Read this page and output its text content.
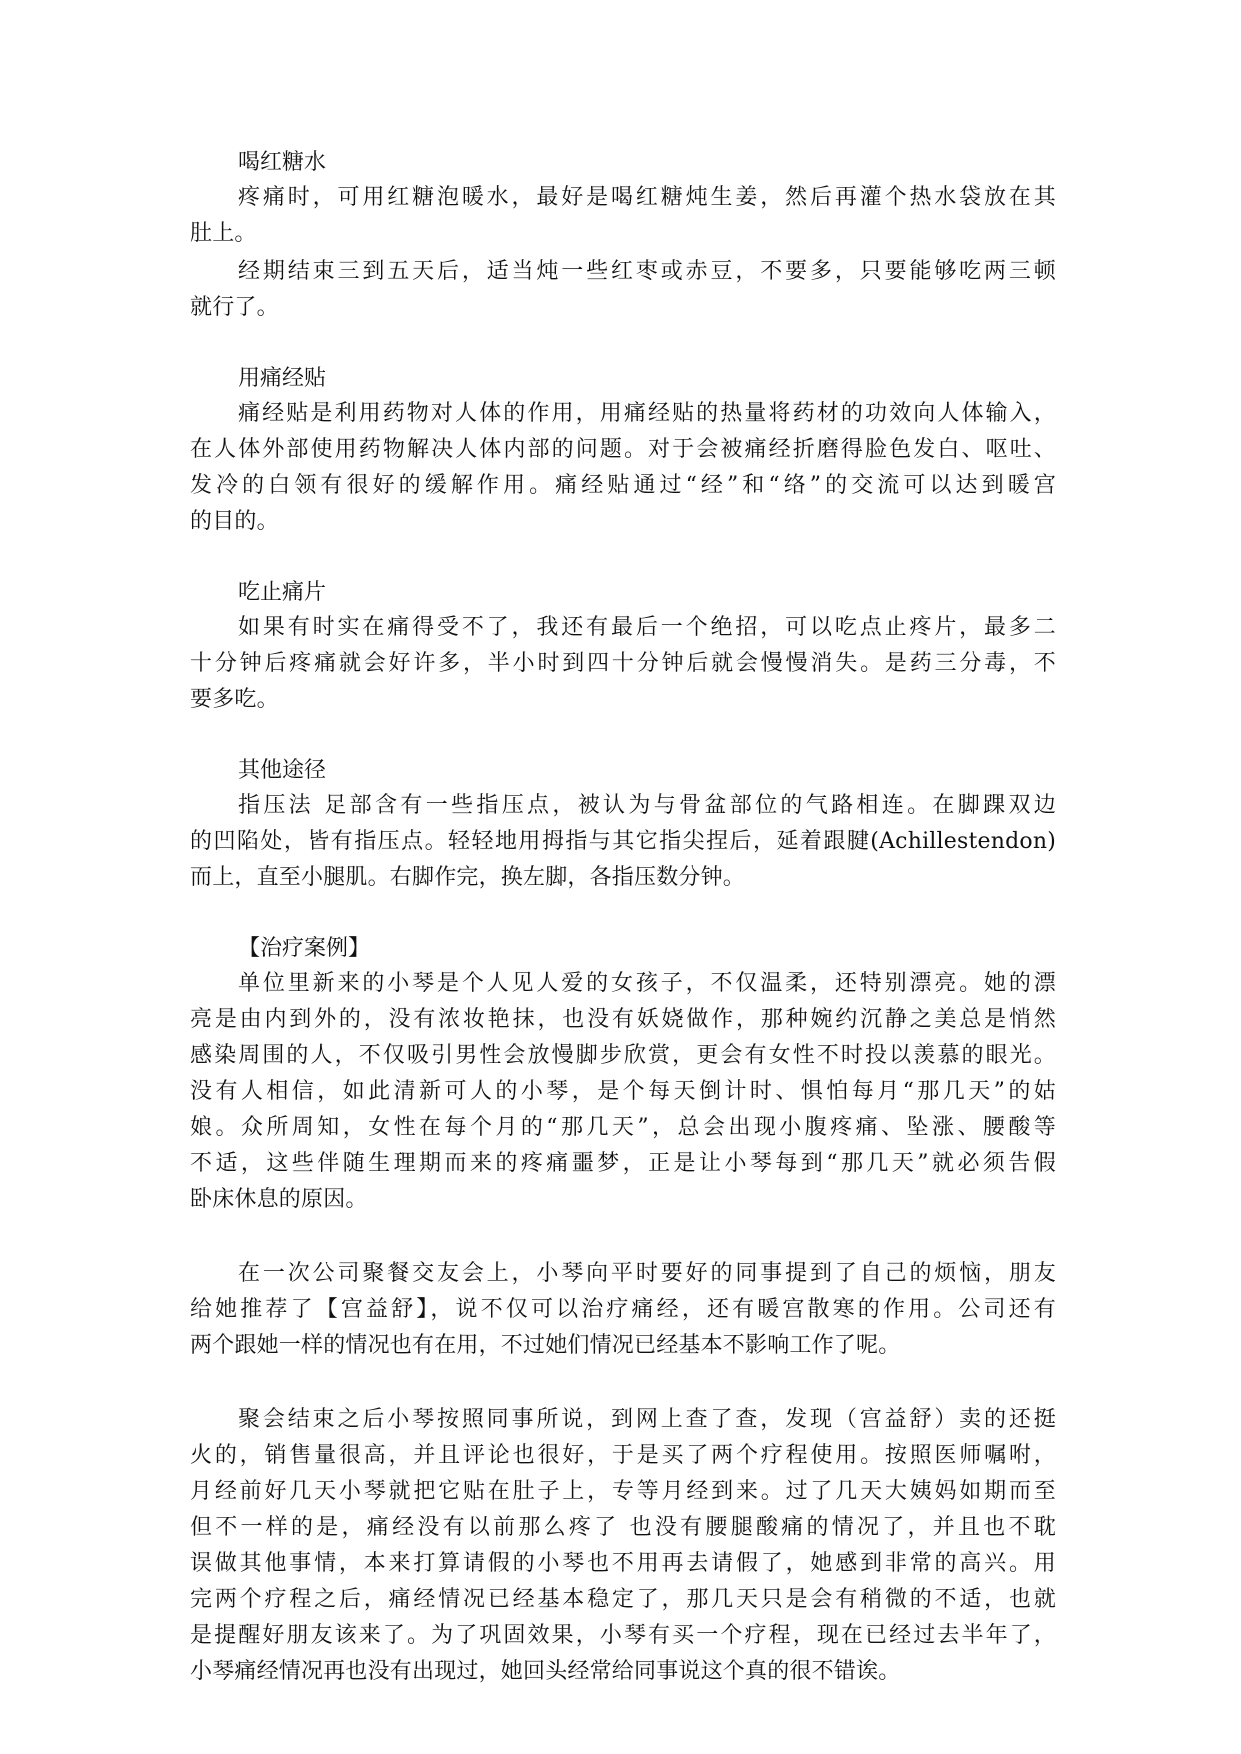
喝红糖水
疼痛时，可用红糖泡暖水，最好是喝红糖炖生姜，然后再灌个热水袋放在其
肚上。
经期结束三到五天后，适当炖一些红枣或赤豆，不要多，只要能够吃两三顿
就行了。
用痛经贴
痛经贴是利用药物对人体的作用，用痛经贴的热量将药材的功效向人体输入，
在人体外部使用药物解决人体内部的问题。对于会被痛经折磨得脸色发白、呕吐、
发冷的白领有很好的缓解作用。痛经贴通过“经”和“络”的交流可以达到暖宫
的目的。
吃止痛片
如果有时实在痛得受不了，我还有最后一个绝招，可以吃点止疼片，最多二
十分钟后疼痛就会好许多，半小时到四十分钟后就会慢慢消失。是药三分毒，不
要多吃。
其他途径
指压法 足部含有一些指压点，被认为与骨盆部位的气路相连。在脚踝双边
的凹陷处，皆有指压点。轻轻地用拇指与其它指尖捏后，延着跟腱(Achillestendon)
而上，直至小腿肌。右脚作完，换左脚，各指压数分钟。
【治疗案例】
单位里新来的小琴是个人见人爱的女孩子，不仅温柔，还特别漂亮。她的漂
亮是由内到外的，没有浓妆艳抹，也没有妖娆做作，那种婉约沉静之美总是悄然
感染周围的人，不仅吸引男性会放慢脚步欣赏，更会有女性不时投以羡慕的眼光。
没有人相信，如此清新可人的小琴，是个每天倒计时、惧怕每月“那几天”的姑
娘。众所周知，女性在每个月的“那几天”，总会出现小腹疼痛、坠涨、腰酸等
不适，这些伴随生理期而来的疼痛噩梦，正是让小琴每到“那几天”就必须告假
卧床休息的原因。
在一次公司聚餐交友会上，小琴向平时要好的同事提到了自己的烦恼，朋友
给她推荐了【宫益舒】，说不仅可以治疗痛经，还有暖宫散寒的作用。公司还有
两个跟她一样的情况也有在用，不过她们情况已经基本不影响工作了呢。
聚会结束之后小琴按照同事所说，到网上查了查，发现（宫益舒）卖的还挺
火的，销售量很高，并且评论也很好，于是买了两个疗程使用。按照医师嘱咐，
月经前好几天小琴就把它贴在肚子上，专等月经到来。过了几天大姨妈如期而至
但不一样的是，痛经没有以前那么疼了 也没有腰腿酸痛的情况了，并且也不耽
误做其他事情，本来打算请假的小琴也不用再去请假了，她感到非常的高兴。用
完两个疗程之后，痛经情况已经基本稳定了，那几天只是会有稍微的不适，也就
是提醒好朋友该来了。为了巩固效果，小琴有买一个疗程，现在已经过去半年了，
小琴痛经情况再也没有出现过，她回头经常给同事说这个真的很不错诶。
